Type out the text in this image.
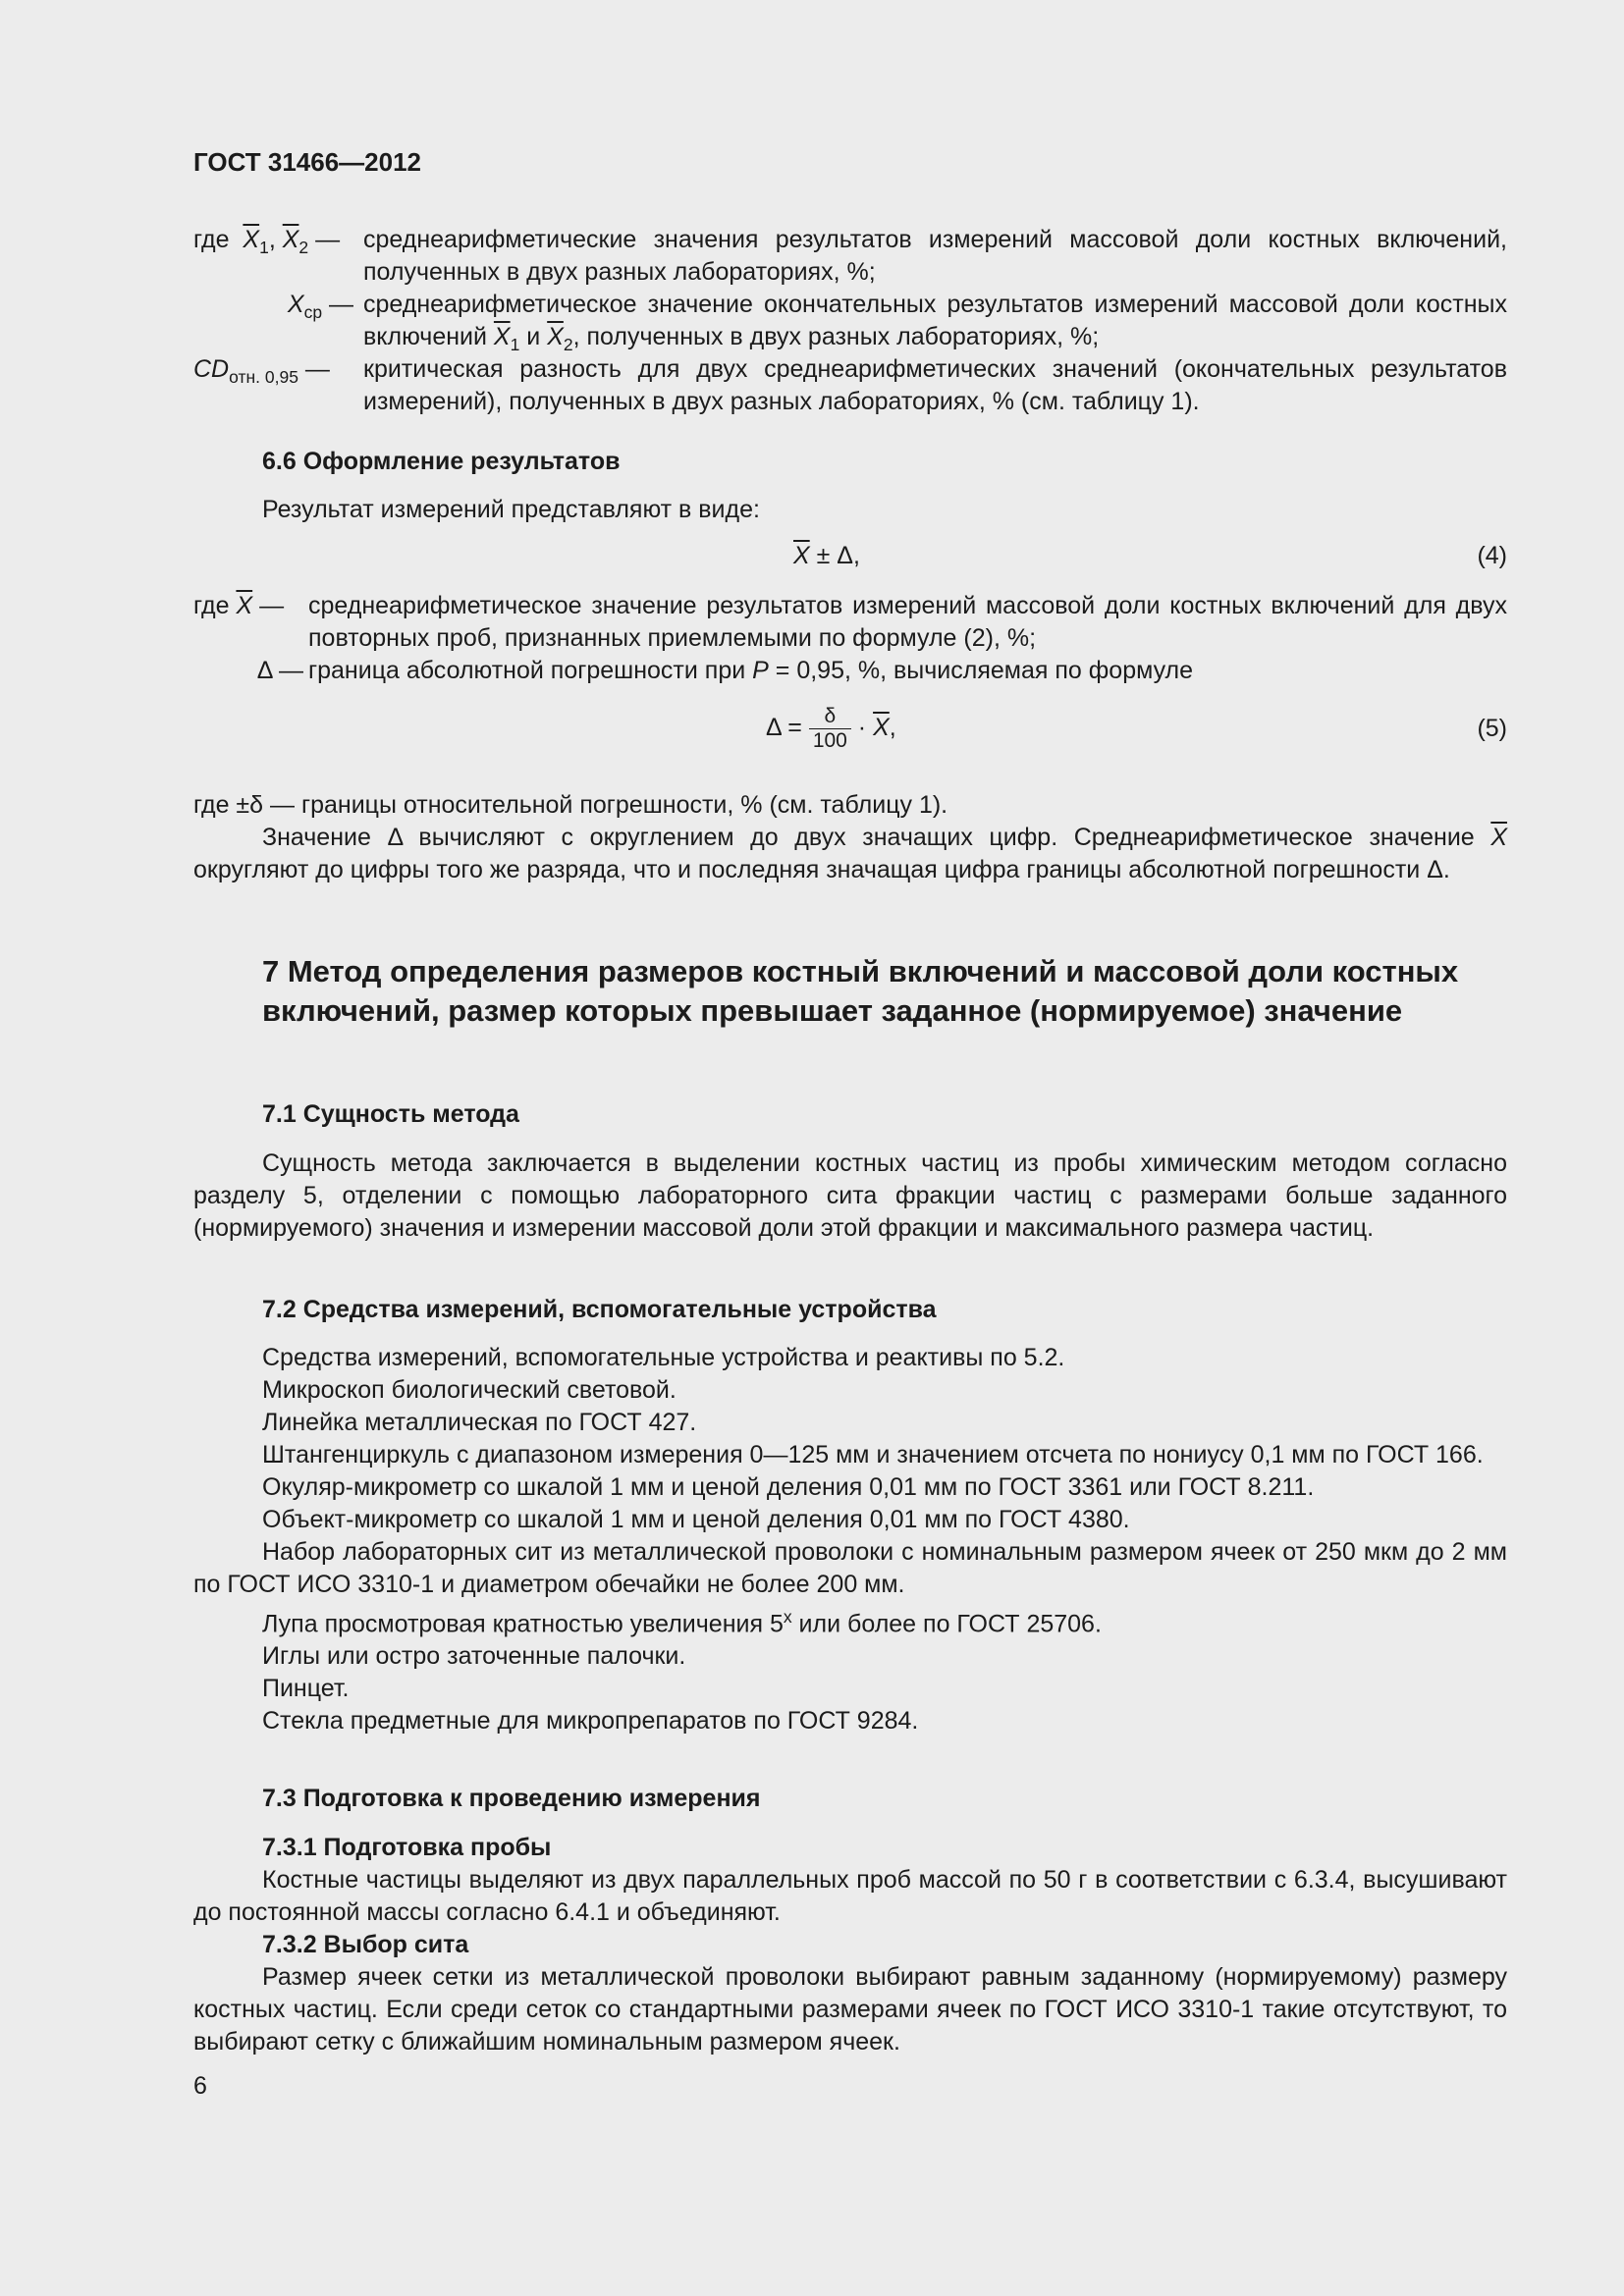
ГОСТ 31466—2012
где  $\overline{X}_1$, $\overline{X}_2$ — среднеарифметические значения результатов измерений массовой доли костных включений, полученных в двух разных лабораториях, %;
$X_{ср}$ — среднеарифметическое значение окончательных результатов измерений массовой доли костных включений $\overline{X}_1$ и $\overline{X}_2$, полученных в двух разных лабораториях, %;
$CD_{отн. 0,95}$ — критическая разность для двух среднеарифметических значений (окончательных результатов измерений), полученных в двух разных лабораториях, % (см. таблицу 1).
6.6 Оформление результатов
Результат измерений представляют в виде:
$\overline{X} \pm \Delta$,	(4)
где $\overline{X}$ — среднеарифметическое значение результатов измерений массовой доли костных включений для двух повторных проб, признанных приемлемыми по формуле (2), %;
Δ — граница абсолютной погрешности при P = 0,95, %, вычисляемая по формуле
$\Delta = \frac{\delta}{100} \cdot \overline{X}$,	(5)
где ±δ — границы относительной погрешности, % (см. таблицу 1).
Значение Δ вычисляют с округлением до двух значащих цифр. Среднеарифметическое значение $\overline{X}$ округляют до цифры того же разряда, что и последняя значащая цифра границы абсолютной погрешности Δ.
7 Метод определения размеров костный включений и массовой доли костных включений, размер которых превышает заданное (нормируемое) значение
7.1 Сущность метода
Сущность метода заключается в выделении костных частиц из пробы химическим методом согласно разделу 5, отделении с помощью лабораторного сита фракции частиц с размерами больше заданного (нормируемого) значения и измерении массовой доли этой фракции и максимального размера частиц.
7.2 Средства измерений, вспомогательные устройства
Средства измерений, вспомогательные устройства и реактивы по 5.2.
Микроскоп биологический световой.
Линейка металлическая по ГОСТ 427.
Штангенциркуль с диапазоном измерения 0—125 мм и значением отсчета по нониусу 0,1 мм по ГОСТ 166.
Окуляр-микрометр со шкалой 1 мм и ценой деления 0,01 мм по ГОСТ 3361 или ГОСТ 8.211.
Объект-микрометр со шкалой 1 мм и ценой деления 0,01 мм по ГОСТ 4380.
Набор лабораторных сит из металлической проволоки с номинальным размером ячеек от 250 мкм до 2 мм по ГОСТ ИСО 3310-1 и диаметром обечайки не более 200 мм.
Лупа просмотровая кратностью увеличения $5^х$ или более по ГОСТ 25706.
Иглы или остро заточенные палочки.
Пинцет.
Стекла предметные для микропрепаратов по ГОСТ 9284.
7.3 Подготовка к проведению измерения
7.3.1 Подготовка пробы
Костные частицы выделяют из двух параллельных проб массой по 50 г в соответствии с 6.3.4, высушивают до постоянной массы согласно 6.4.1 и объединяют.
7.3.2 Выбор сита
Размер ячеек сетки из металлической проволоки выбирают равным заданному (нормируемому) размеру костных частиц. Если среди сеток со стандартными размерами ячеек по ГОСТ ИСО 3310-1 такие отсутствуют, то выбирают сетку с ближайшим номинальным размером ячеек.
6
